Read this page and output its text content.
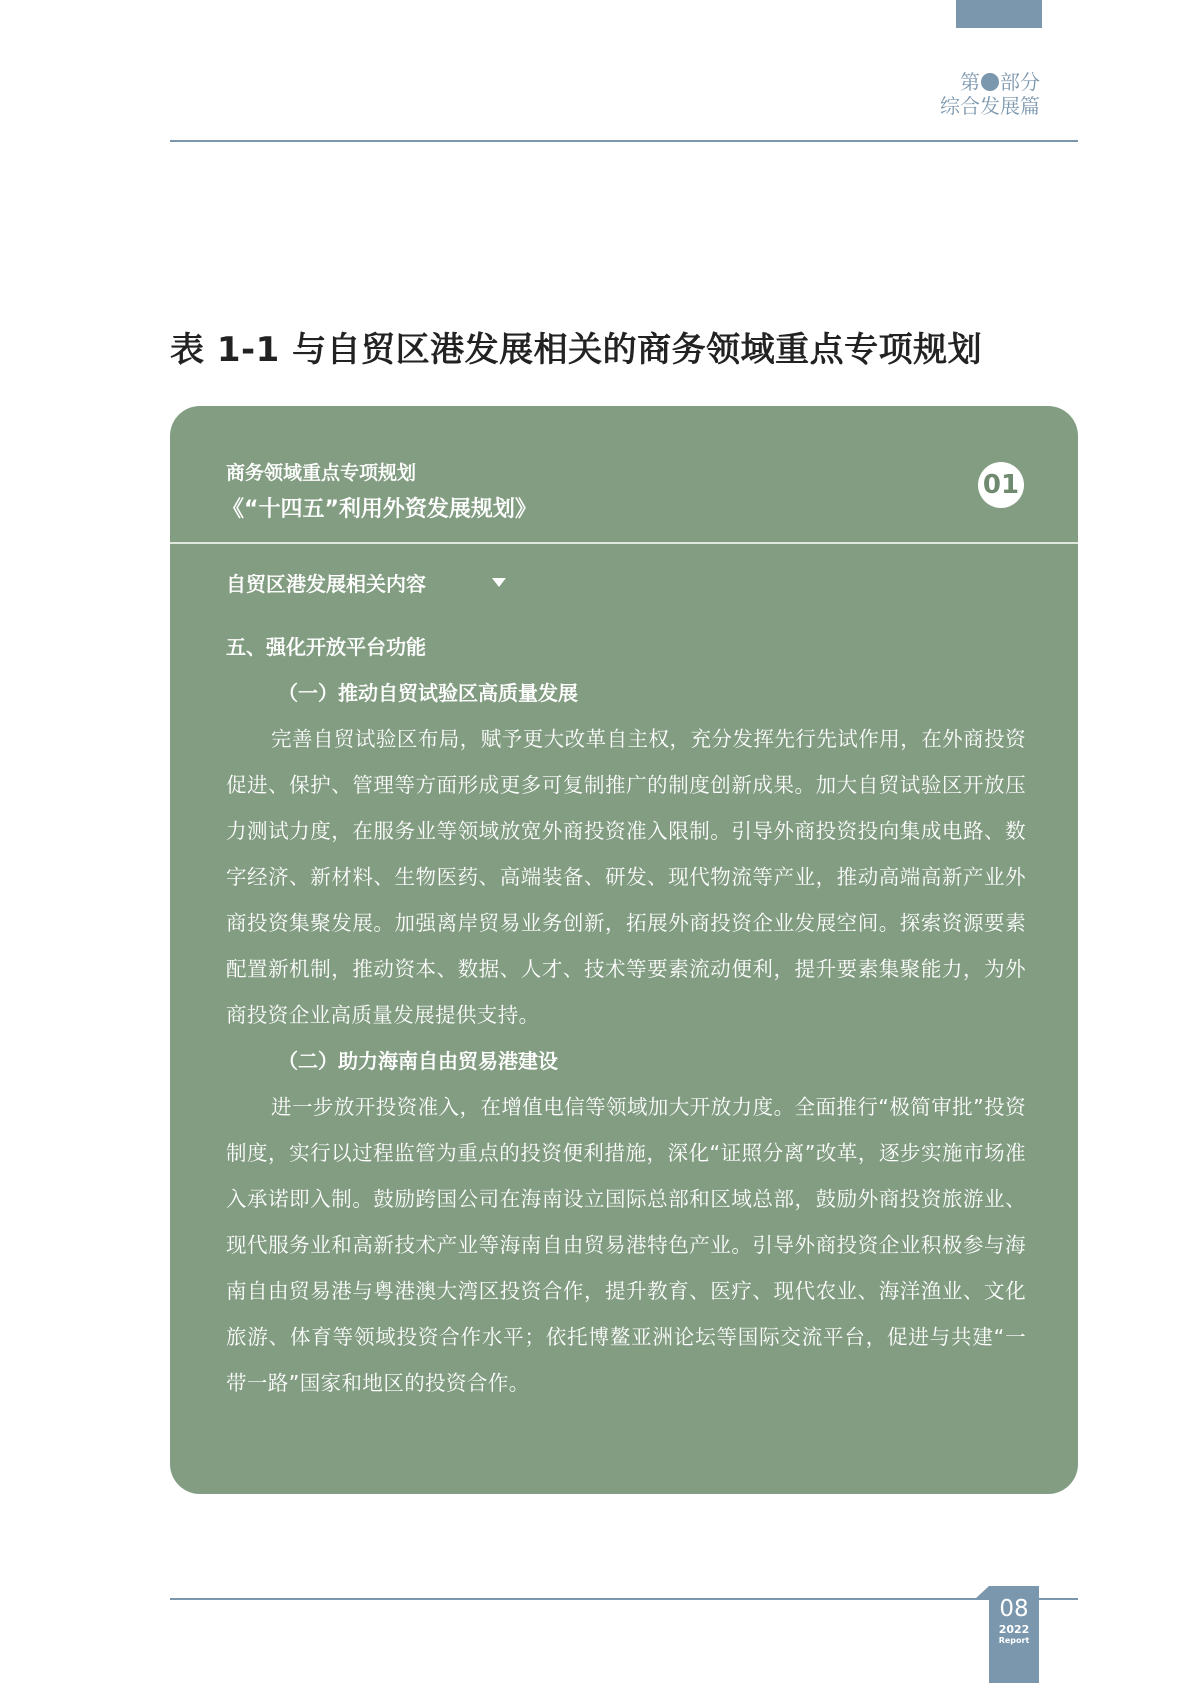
第 部分
综合发展篇
表 1-1 与自贸区港发展相关的商务领域重点专项规划
商务领域重点专项规划
《“十四五”利用外资发展规划》
01
自贸区港发展相关内容

五、强化开放平台功能

（一）推动自贸试验区高质量发展

完善自贸试验区布局，赋予更大改革自主权，充分发挥先行先试作用，在外商投资促进、保护、管理等方面形成更多可复制推广的制度创新成果。加大自贸试验区开放压力测试力度，在服务业等领域放宽外商投资准入限制。引导外商投资投向集成电路、数字经济、新材料、生物医药、高端装备、研发、现代物流等产业，推动高端高新产业外商投资集聚发展。加强离岸贸易业务创新，拓展外商投资企业发展空间。探索资源要素配置新机制，推动资本、数据、人才、技术等要素流动便利，提升要素集聚能力，为外商投资企业高质量发展提供支持。

（二）助力海南自由贸易港建设

进一步放开投资准入，在增值电信等领域加大开放力度。全面推行“极简审批”投资制度，实行以过程监管为重点的投资便利措施，深化“证照分离”改革，逐步实施市场准入承诺即入制。鼓励跨国公司在海南设立国际总部和区域总部，鼓励外商投资旅游业、现代服务业和高新技术产业等海南自由贸易港特色产业。引导外商投资企业积极参与海南自由贸易港与粤港澳大湾区投资合作，提升教育、医疗、现代农业、海洋渔业、文化旅游、体育等领域投资合作水平；依托博鳌亚洲论坛等国际交流平台，促进与共建“一带一路”国家和地区的投资合作。

08
2022
Report
